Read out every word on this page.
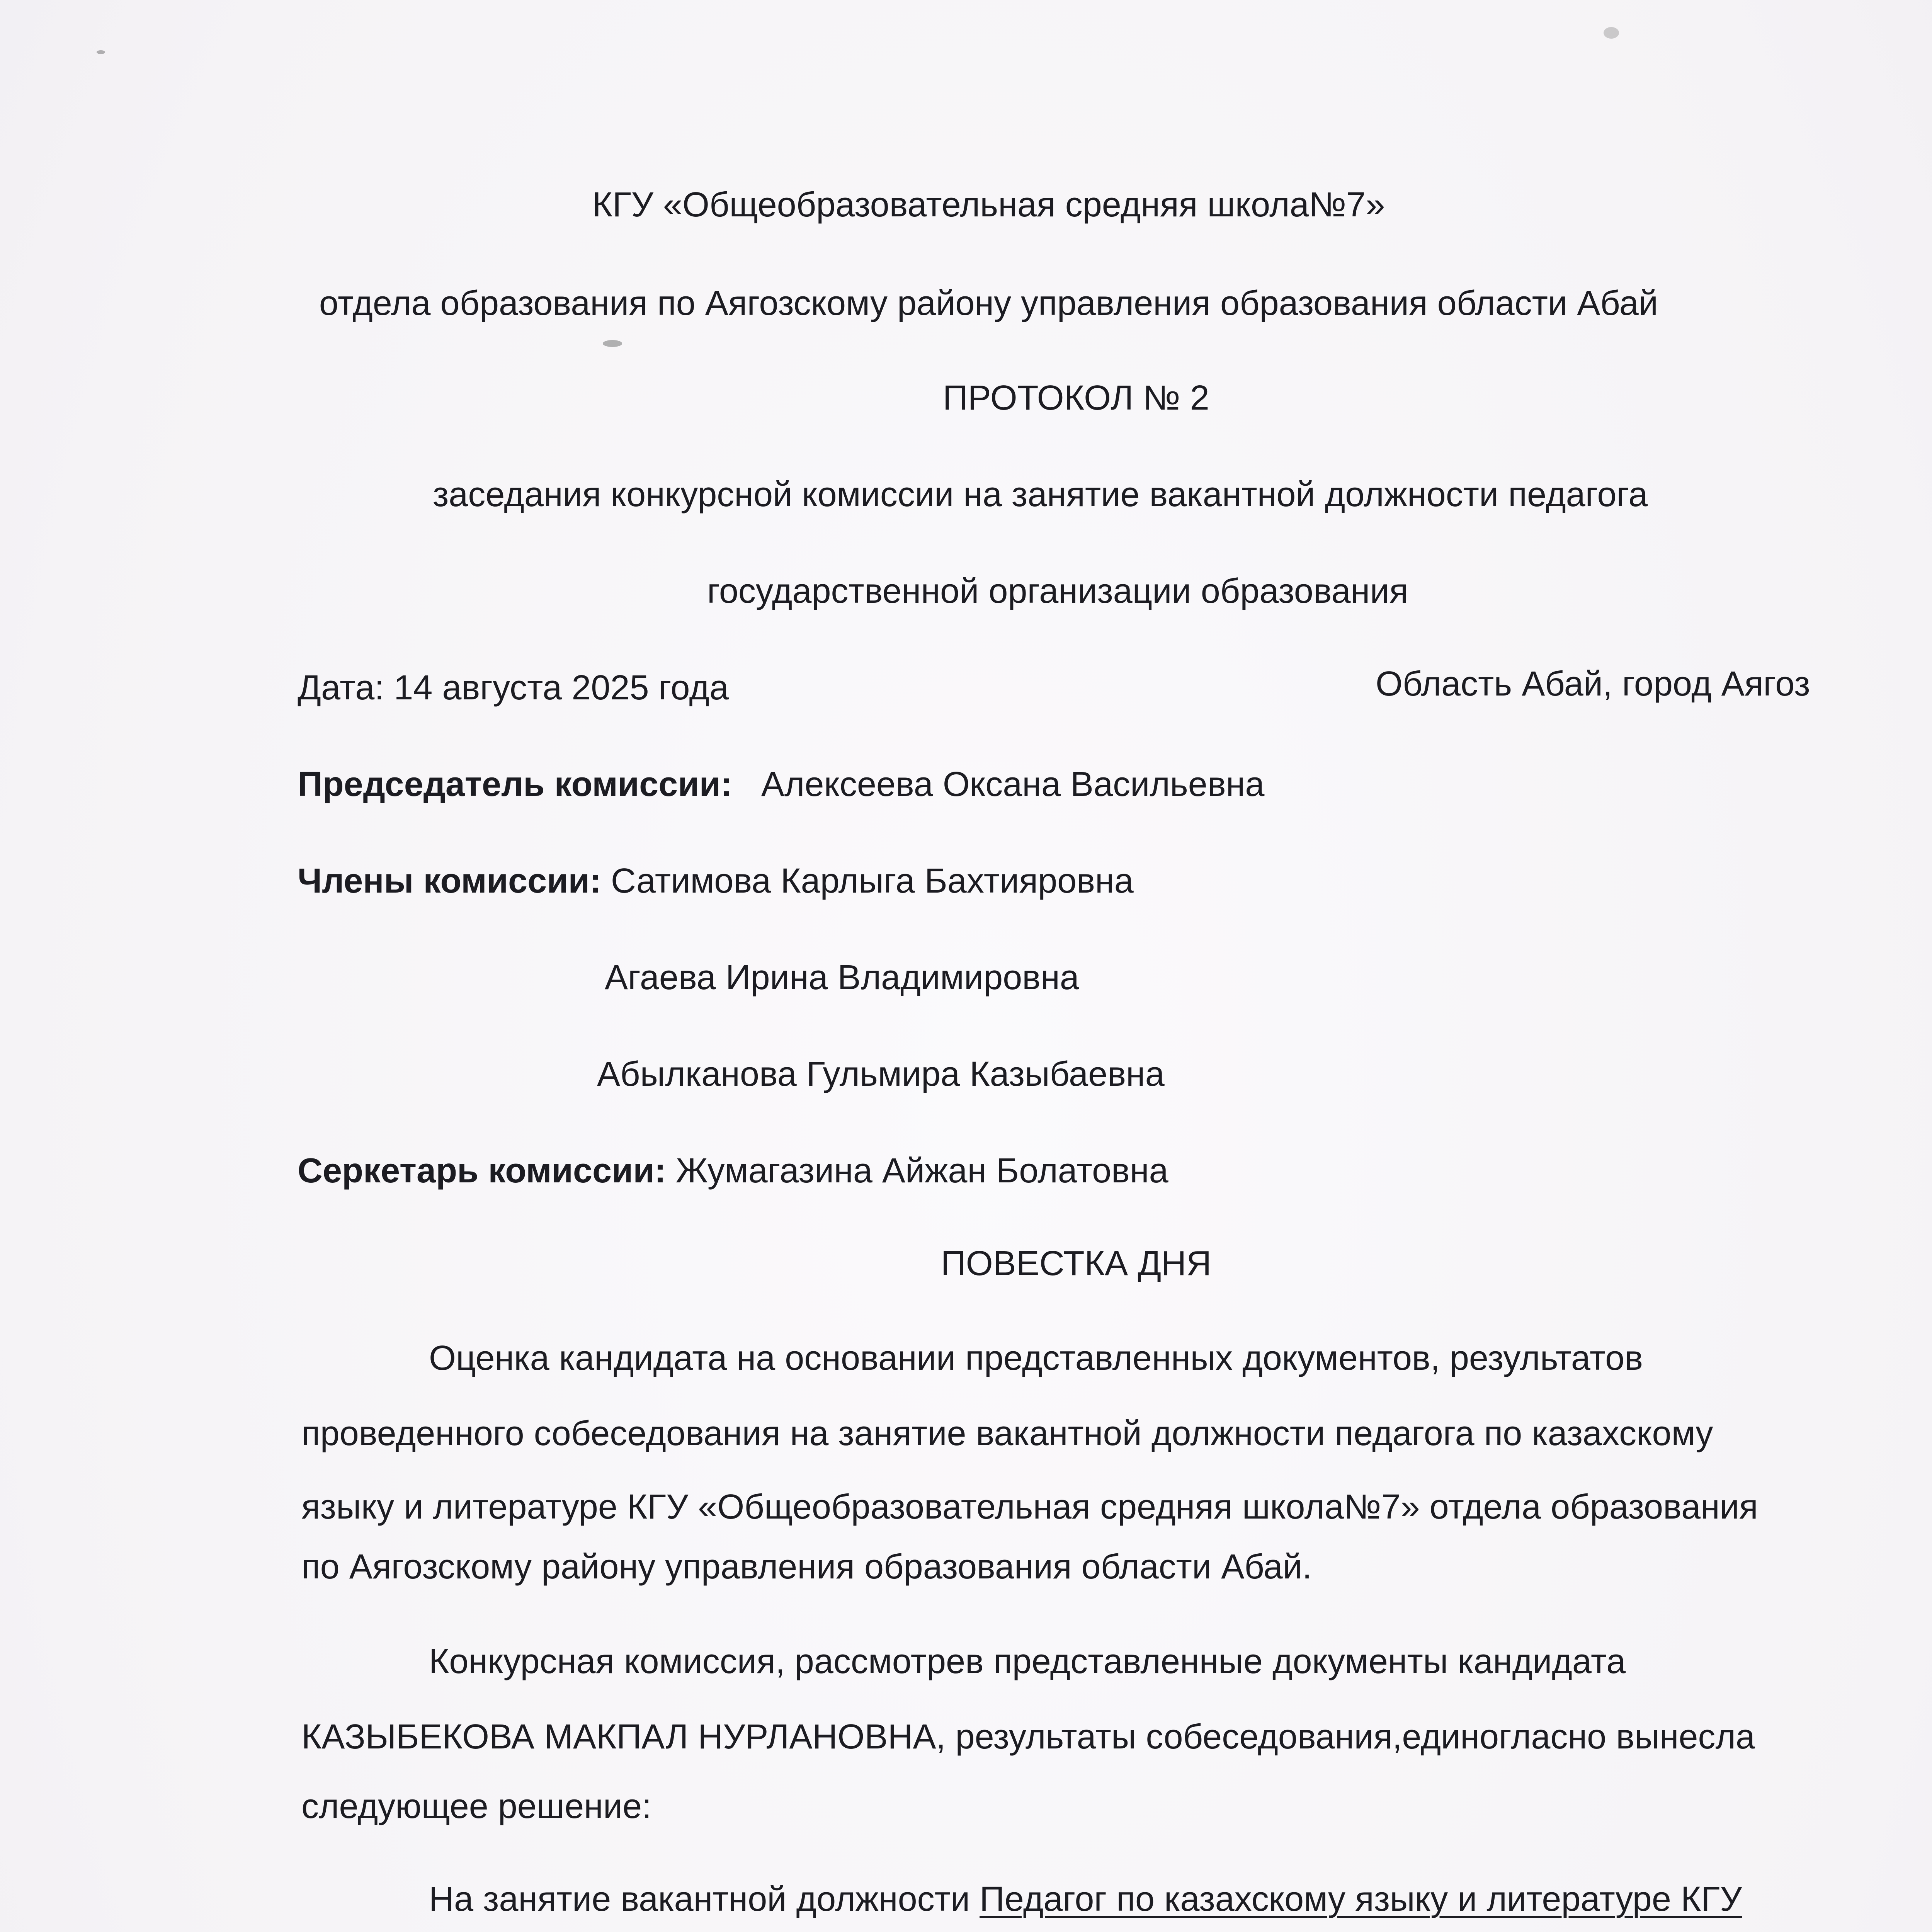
КГУ «Общеобразовательная средняя школа№7»
отдела образования по Аягозскому району управления образования области Абай
ПРОТОКОЛ № 2
заседания конкурсной комиссии на занятие вакантной должности педагога
государственной организации образования
Дата: 14 августа 2025 года	Область Абай, город Аягоз
Председатель комиссии: Алексеева Оксана Васильевна
Члены комиссии: Сатимова Карлыга Бахтияровна
Агаева Ирина Владимировна
Абылканова Гульмира Казыбаевна
Серкетарь комиссии: Жумагазина Айжан Болатовна
ПОВЕСТКА ДНЯ
Оценка кандидата на основании представленных документов, результатов
проведенного собеседования на занятие вакантной должности педагога по казахскому
языку и литературе КГУ «Общеобразовательная средняя школа№7» отдела образования
по Аягозскому району управления образования области Абай.
Конкурсная комиссия, рассмотрев представленные документы кандидата
КАЗЫБЕКОВА МАКПАЛ НУРЛАНОВНА, результаты собеседования,единогласно вынесла
следующее решение:
На занятие вакантной должности Педагог по казахскому языку и литературе КГУ
